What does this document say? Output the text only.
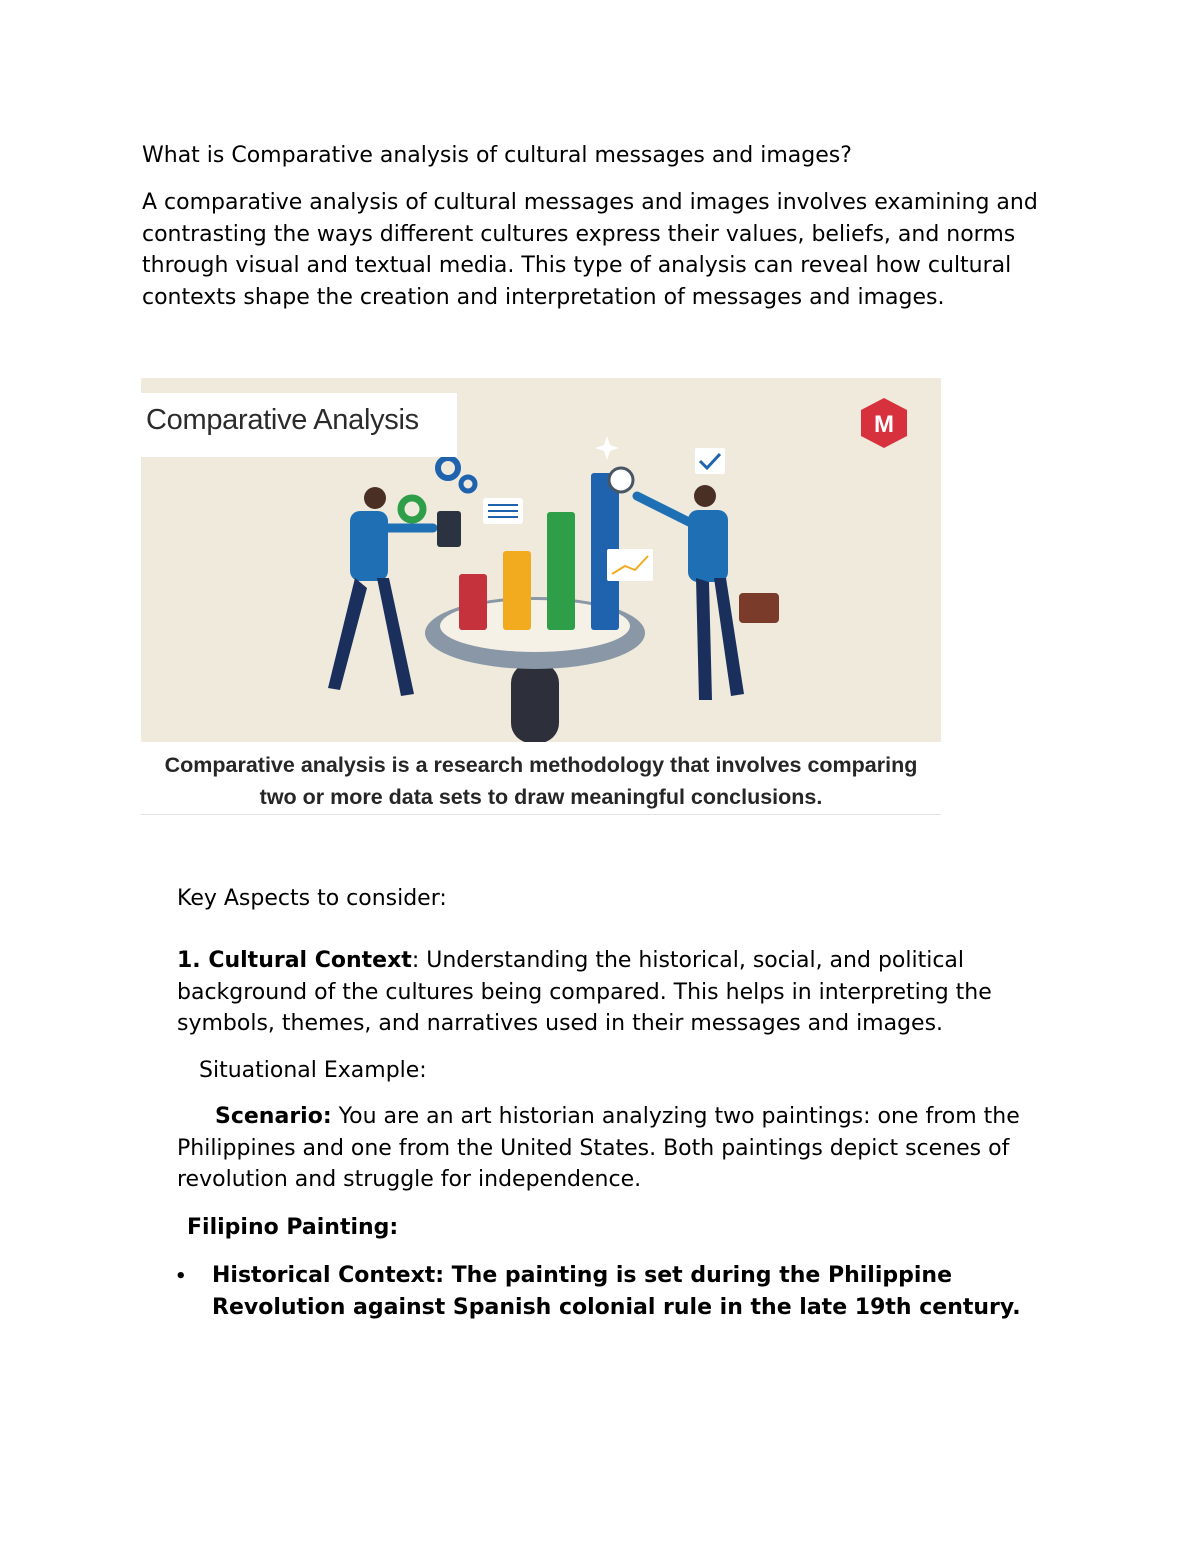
What is Comparative analysis of cultural messages and images?

A comparative analysis of cultural messages and images involves examining and contrasting the ways different cultures express their values, beliefs, and norms through visual and textual media. This type of analysis can reveal how cultural contexts shape the creation and interpretation of messages and images.

M
Comparative Analysis
Comparative analysis is a research methodology that involves comparing
two or more data sets to draw meaningful conclusions.

Key Aspects to consider:

1. Cultural Context: Understanding the historical, social, and political background of the cultures being compared. This helps in interpreting the symbols, themes, and narratives used in their messages and images.

Situational Example:

Scenario: You are an art historian analyzing two paintings: one from the Philippines and one from the United States. Both paintings depict scenes of revolution and struggle for independence.

Filipino Painting:

• Historical Context: The painting is set during the Philippine Revolution against Spanish colonial rule in the late 19th century.
